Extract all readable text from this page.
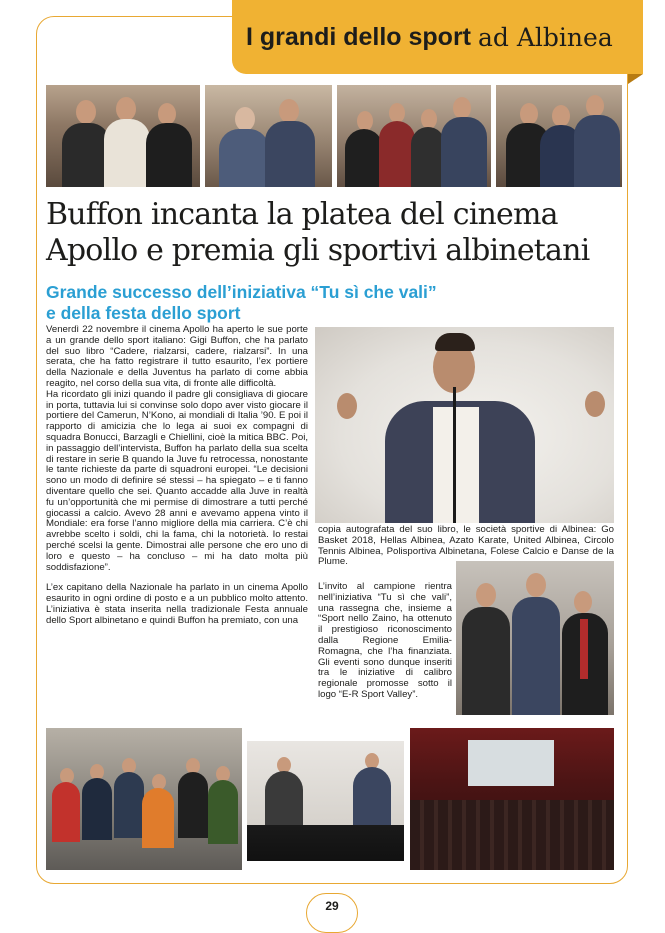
I grandi dello sport ad Albinea
Buffon incanta la platea del cinema Apollo e premia gli sportivi albinetani
Grande successo dell’iniziativa “Tu sì che vali”
e della festa dello sport

Venerdì 22 novembre il cinema Apollo ha aperto le sue porte a un grande dello sport italiano: Gigi Buffon, che ha parlato del suo libro “Cadere, rialzarsi, cadere, rialzarsi”. In una serata, che ha fatto registrare il tutto esaurito, l’ex portiere della Nazionale e della Juventus ha parlato di come abbia reagito, nel corso della sua vita, di fronte alle difficoltà.

Ha ricordato gli inizi quando il padre gli consigliava di giocare in porta, tuttavia lui si convinse solo dopo aver visto giocare il portiere del Camerun, N’Kono, ai mondiali di Italia ’90. E poi il rapporto di amicizia che lo lega ai suoi ex compagni di squadra Bonucci, Barzagli e Chiellini, cioè la mitica BBC. Poi, in passaggio dell’intervista, Buffon ha parlato della sua scelta di restare in serie B quando la Juve fu retrocessa, nonostante le tante richieste da parte di squadroni europei. “Le decisioni sono un modo di definire sé stessi – ha spiegato – e ti fanno diventare quello che sei. Quanto accadde alla Juve in realtà fu un’opportunità che mi permise di dimostrare a tutti perché giocassi a calcio. Avevo 28 anni e avevamo appena vinto il Mondiale: era forse l’anno migliore della mia carriera. C’è chi avrebbe scelto i soldi, chi la fama, chi la notorietà. Io restai perché scelsi la gente. Dimostrai alle persone che ero uno di loro e questo – ha concluso – mi ha dato molta più soddisfazione”.

L’ex capitano della Nazionale ha parlato in un cinema Apollo esaurito in ogni ordine di posto e a un pubblico molto attento. L’iniziativa è stata inserita nella tradizionale Festa annuale dello Sport albinetano e quindi Buffon ha premiato, con una

copia autografata del suo libro, le società sportive di Albinea: Go Basket 2018, Hellas Albinea, Azato Karate, United Albinea, Circolo Tennis Albinea, Polisportiva Albinetana, Folese Calcio e Danse de la Plume.

L’invito al campione rientra nell’iniziativa “Tu sì che vali”, una rassegna che, insieme a “Sport nello Zaino, ha ottenuto il prestigioso riconoscimento dalla Regione Emilia-Romagna, che l’ha finanziata. Gli eventi sono dunque inseriti tra le iniziative di calibro regionale promosse sotto il logo “E-R Sport Valley”.

29
